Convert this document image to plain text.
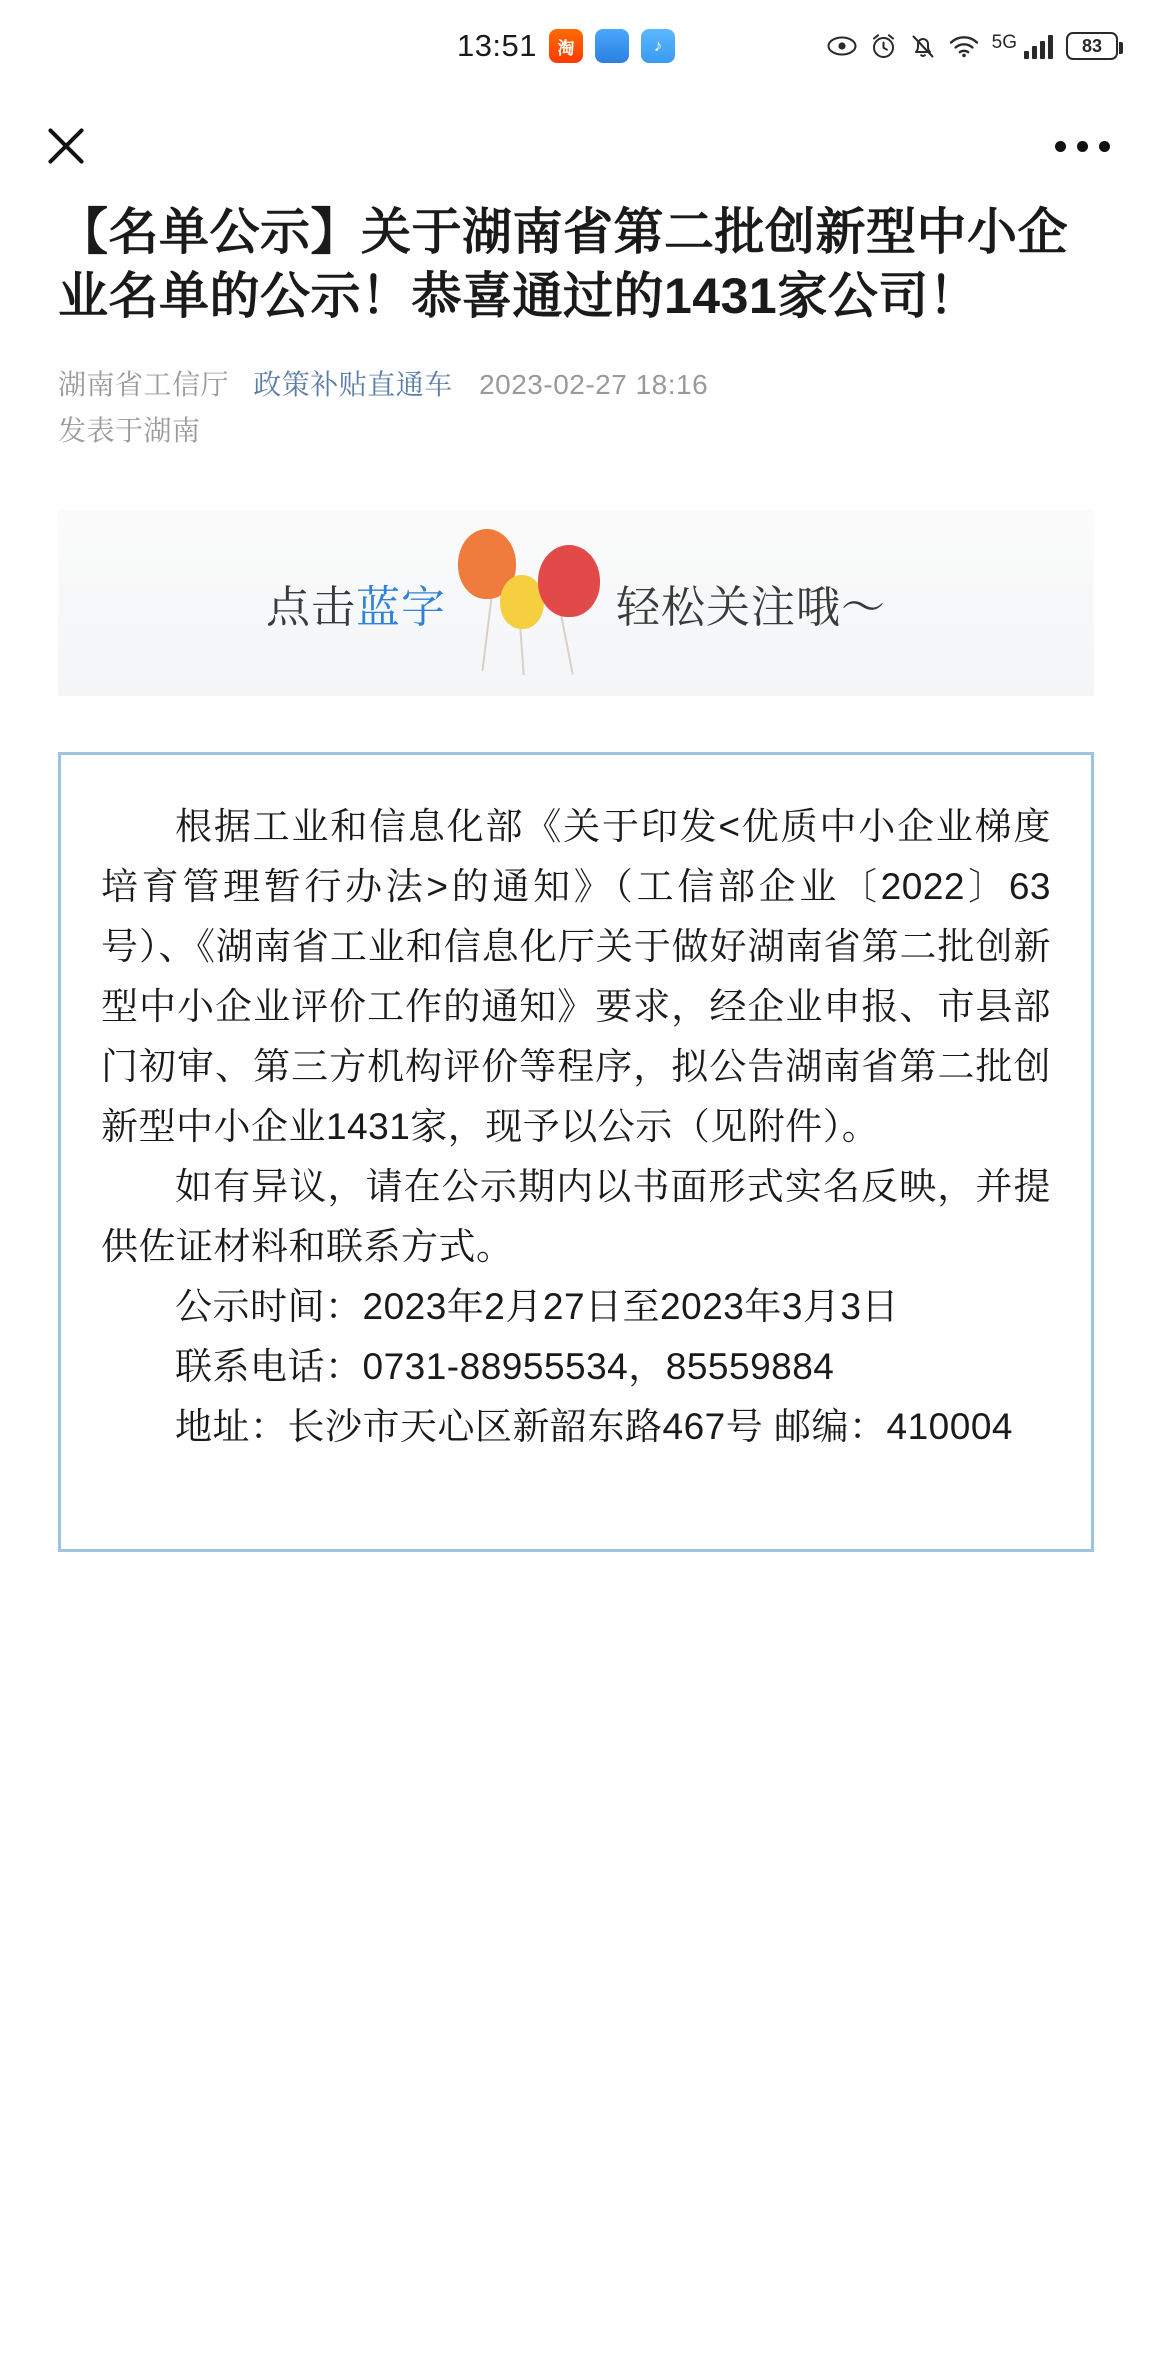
13:51	淘	♪	5G	83
【名单公示】关于湖南省第二批创新型中小企业名单的公示！恭喜通过的1431家公司！
湖南省工信厅 政策补贴直通车 2023-02-27 18:16
发表于湖南
点击蓝字	轻松关注哦～

根据工业和信息化部《关于印发<优质中小企业梯度培育管理暂行办法>的通知》（工信部企业〔2022〕63号）、《湖南省工业和信息化厅关于做好湖南省第二批创新型中小企业评价工作的通知》要求，经企业申报、市县部门初审、第三方机构评价等程序，拟公告湖南省第二批创新型中小企业1431家，现予以公示（见附件）。

如有异议，请在公示期内以书面形式实名反映，并提供佐证材料和联系方式。

公示时间：2023年2月27日至2023年3月3日

联系电话：0731-88955534，85559884

地址：长沙市天心区新韶东路467号 邮编：410004
